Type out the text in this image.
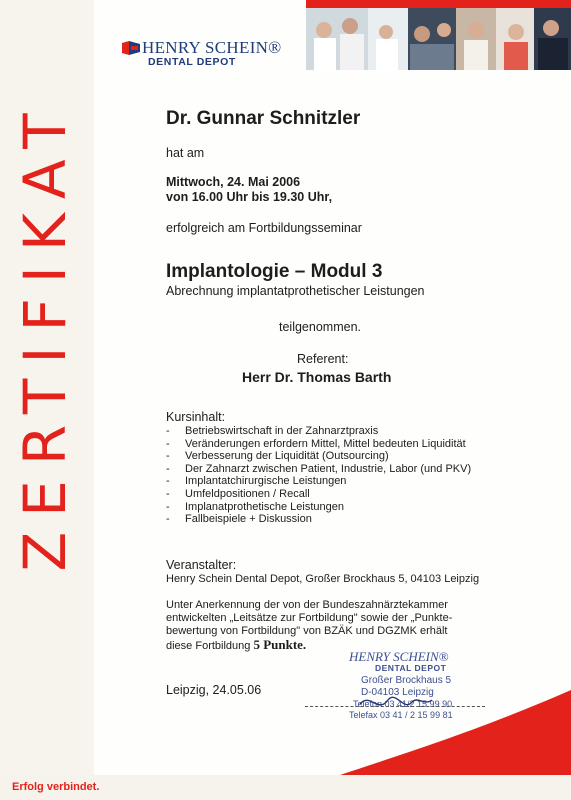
ZERTIFIKAT
HENRY SCHEIN®
DENTAL DEPOT
Dr. Gunnar Schnitzler
hat am
Mittwoch, 24. Mai 2006
von 16.00 Uhr bis 19.30 Uhr,
erfolgreich am Fortbildungsseminar
Implantologie – Modul 3
Abrechnung implantatprothetischer Leistungen
teilgenommen.
Referent:
Herr Dr. Thomas Barth
Kursinhalt:
- Betriebswirtschaft in der Zahnarztpraxis
- Veränderungen erfordern Mittel, Mittel bedeuten Liquidität
- Verbesserung der Liquidität (Outsourcing)
- Der Zahnarzt zwischen Patient, Industrie, Labor (und PKV)
- Implantatchirurgische Leistungen
- Umfeldpositionen / Recall
- Implanatprothetische Leistungen
- Fallbeispiele + Diskussion
Veranstalter:
Henry Schein Dental Depot, Großer Brockhaus 5, 04103 Leipzig
Unter Anerkennung der von der Bundeszahnärztekammer
entwickelten „Leitsätze zur Fortbildung" sowie der „Punkte-
bewertung von Fortbildung" von BZÄK und DGZMK erhält
diese Fortbildung 5 Punkte.
Leipzig, 24.05.06
HENRY SCHEIN®
DENTAL DEPOT
Großer Brockhaus 5
D-04103 Leipzig
Telefon 03 41/2 15 99 90
Telefax 03 41 / 2 15 99 81
Erfolg verbindet.
